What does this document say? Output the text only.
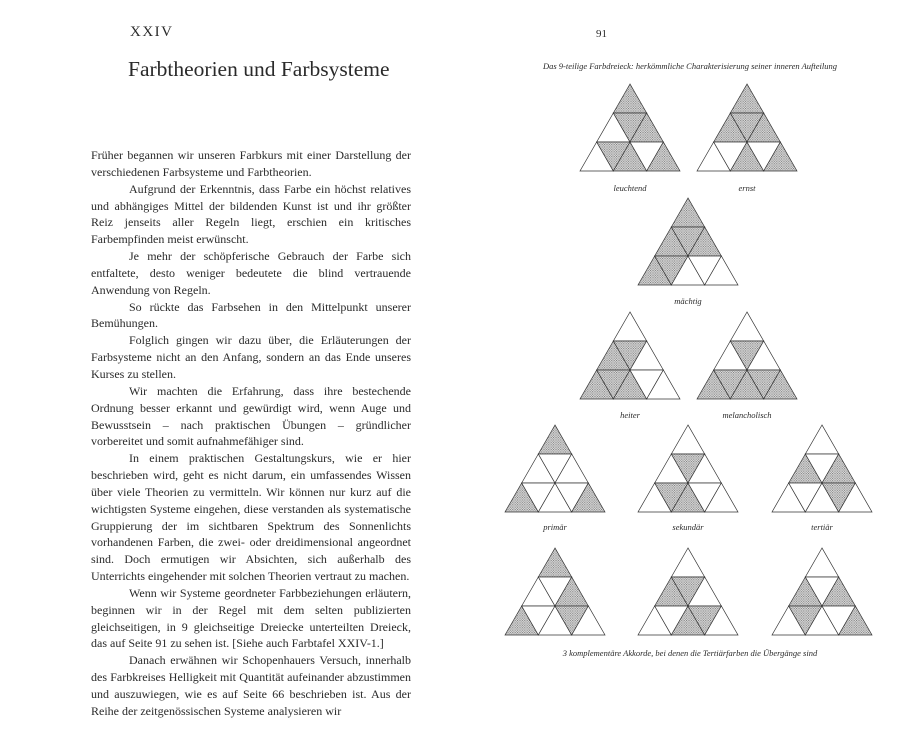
XXIV
Farbtheorien und Farbsysteme

Früher begannen wir unseren Farbkurs mit einer Darstellung der verschiedenen Farbsysteme und Farbtheorien.

Aufgrund der Erkenntnis, dass Farbe ein höchst relatives und abhängiges Mittel der bildenden Kunst ist und ihr größter Reiz jenseits aller Regeln liegt, erschien ein kritisches Farbempfinden meist erwünscht.

Je mehr der schöpferische Gebrauch der Farbe sich entfaltete, desto weniger bedeutete die blind vertrauende Anwendung von Regeln.

So rückte das Farbsehen in den Mittelpunkt unserer Bemühungen.

Folglich gingen wir dazu über, die Erläuterungen der Farbsysteme nicht an den Anfang, sondern an das Ende unseres Kurses zu stellen.

Wir machten die Erfahrung, dass ihre bestechende Ordnung besser erkannt und gewürdigt wird, wenn Auge und Bewusstsein – nach praktischen Übungen – gründlicher vorbereitet und somit aufnahmefähiger sind.

In einem praktischen Gestaltungskurs, wie er hier beschrieben wird, geht es nicht darum, ein umfassendes Wissen über viele Theorien zu vermitteln. Wir können nur kurz auf die wichtigsten Systeme eingehen, diese verstanden als systematische Gruppierung der im sichtbaren Spektrum des Sonnenlichts vorhandenen Farben, die zwei- oder dreidimensional angeordnet sind. Doch ermutigen wir Absichten, sich außerhalb des Unterrichts eingehender mit solchen Theorien vertraut zu machen.

Wenn wir Systeme geordneter Farbbeziehungen erläutern, beginnen wir in der Regel mit dem selten publizierten gleichseitigen, in 9 gleichseitige Dreiecke unterteilten Dreieck, das auf Seite 91 zu sehen ist. [Siehe auch Farbtafel XXIV-1.]

Danach erwähnen wir Schopenhauers Versuch, innerhalb des Farbkreises Helligkeit mit Quantität aufeinander abzustimmen und auszuwiegen, wie es auf Seite 66 beschrieben ist. Aus der Reihe der zeitgenössischen Systeme analysieren wir

91
Das 9-teilige Farbdreieck: herkömmliche Charakterisierung seiner inneren Aufteilung
leuchtend	ernst
mächtig
heiter	melancholisch
primär	sekundär	tertiär
3 komplementäre Akkorde, bei denen die Tertiärfarben die Übergänge sind
